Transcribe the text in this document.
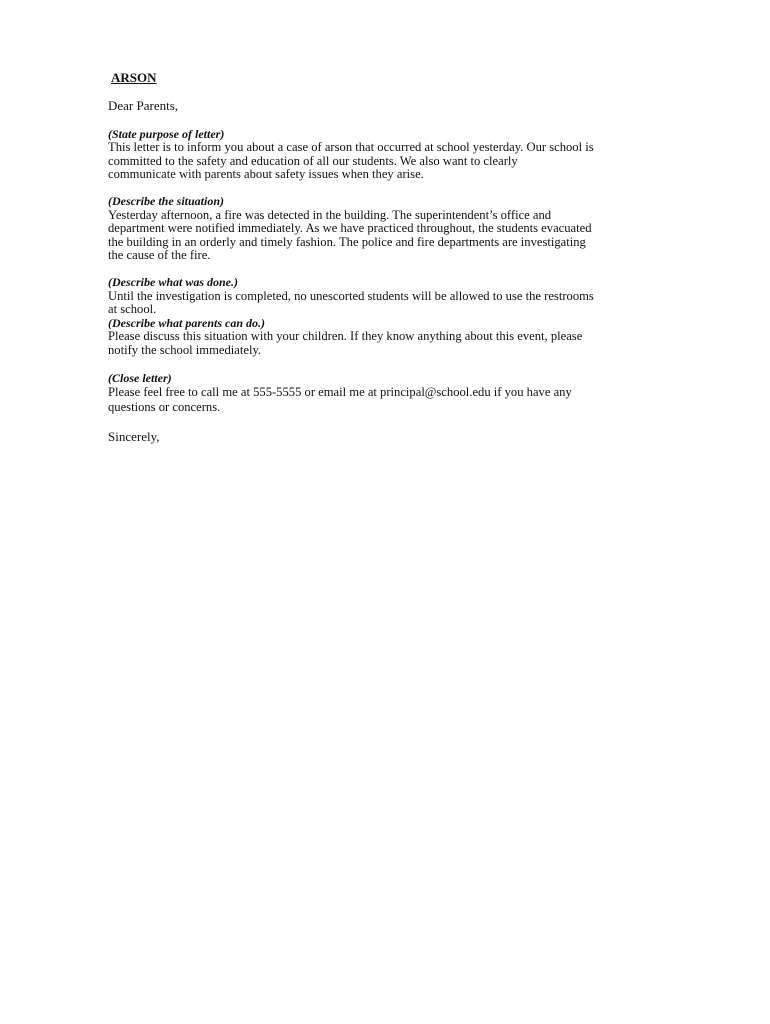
ARSON
Dear Parents,
(State purpose of letter)
This letter is to inform you about a case of arson that occurred at school yesterday. Our school is
committed to the safety and education of all our students. We also want to clearly
communicate with parents about safety issues when they arise.
(Describe the situation)
Yesterday afternoon, a fire was detected in the building. The superintendent’s office and
department were notified immediately. As we have practiced throughout, the students evacuated
the building in an orderly and timely fashion. The police and fire departments are investigating
the cause of the fire.
(Describe what was done.)
Until the investigation is completed, no unescorted students will be allowed to use the restrooms
at school.
(Describe what parents can do.)
Please discuss this situation with your children. If they know anything about this event, please
notify the school immediately.
(Close letter)
Please feel free to call me at 555-5555 or email me at principal@school.edu if you have any
questions or concerns.
Sincerely,
